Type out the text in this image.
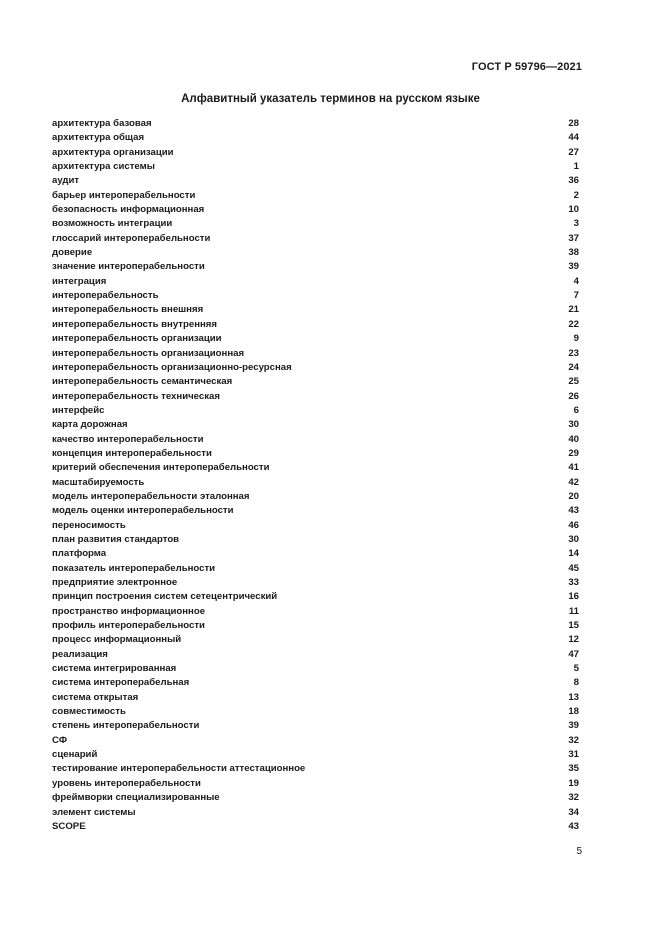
ГОСТ Р 59796—2021
Алфавитный указатель терминов на русском языке
архитектура базовая	28
архитектура общая	44
архитектура организации	27
архитектура системы	1
аудит	36
барьер интероперабельности	2
безопасность информационная	10
возможность интеграции	3
глоссарий интероперабельности	37
доверие	38
значение интероперабельности	39
интеграция	4
интероперабельность	7
интероперабельность внешняя	21
интероперабельность внутренняя	22
интероперабельность организации	9
интероперабельность организационная	23
интероперабельность организационно-ресурсная	24
интероперабельность семантическая	25
интероперабельность техническая	26
интерфейс	6
карта дорожная	30
качество интероперабельности	40
концепция интероперабельности	29
критерий обеспечения интероперабельности	41
масштабируемость	42
модель интероперабельности эталонная	20
модель оценки интероперабельности	43
переносимость	46
план развития стандартов	30
платформа	14
показатель интероперабельности	45
предприятие электронное	33
принцип построения систем сетецентрический	16
пространство информационное	11
профиль интероперабельности	15
процесс информационный	12
реализация	47
система интегрированная	5
система интероперабельная	8
система открытая	13
совместимость	18
степень интероперабельности	39
СФ	32
сценарий	31
тестирование интероперабельности аттестационное	35
уровень интероперабельности	19
фреймворки специализированные	32
элемент системы	34
SCOPE	43
5
